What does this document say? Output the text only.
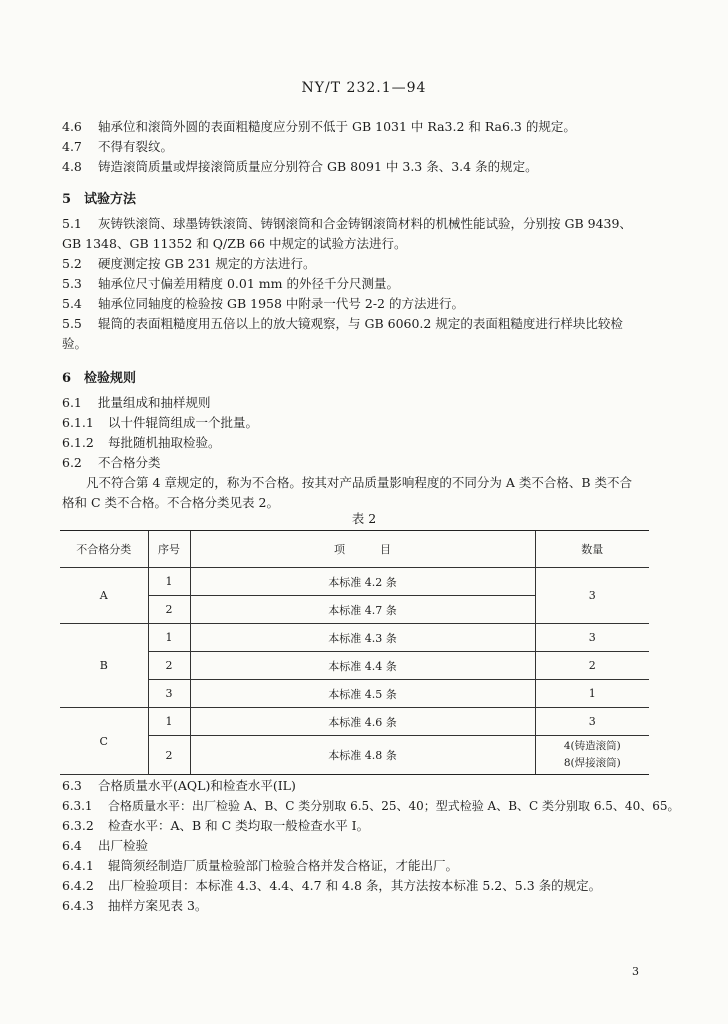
NY/T 232.1—94
4.6 轴承位和滚筒外圆的表面粗糙度应分别不低于 GB 1031 中 Ra3.2 和 Ra6.3 的规定。
4.7 不得有裂纹。
4.8 铸造滚筒质量或焊接滚筒质量应分别符合 GB 8091 中 3.3 条、3.4 条的规定。
5 试验方法
5.1 灰铸铁滚筒、球墨铸铁滚筒、铸钢滚筒和合金铸钢滚筒材料的机械性能试验，分别按 GB 9439、
GB 1348、GB 11352 和 Q/ZB 66 中规定的试验方法进行。
5.2 硬度测定按 GB 231 规定的方法进行。
5.3 轴承位尺寸偏差用精度 0.01 mm 的外径千分尺测量。
5.4 轴承位同轴度的检验按 GB 1958 中附录一代号 2-2 的方法进行。
5.5 辊筒的表面粗糙度用五倍以上的放大镜观察，与 GB 6060.2 规定的表面粗糙度进行样块比较检
验。
6 检验规则
6.1 批量组成和抽样规则
6.1.1 以十件辊筒组成一个批量。
6.1.2 每批随机抽取检验。
6.2 不合格分类
凡不符合第 4 章规定的，称为不合格。按其对产品质量影响程度的不同分为 A 类不合格、B 类不合
格和 C 类不合格。不合格分类见表 2。
表 2
不合格分类	序号	项          目	数量
A	1	本标准 4.2 条	3
	2	本标准 4.7 条	
B	1	本标准 4.3 条	3
	2	本标准 4.4 条	2
	3	本标准 4.5 条	1
C	1	本标准 4.6 条	3
	2	本标准 4.8 条	4(铸造滚筒)
8(焊接滚筒)
6.3 合格质量水平(AQL)和检查水平(IL)
6.3.1 合格质量水平：出厂检验 A、B、C 类分别取 6.5、25、40；型式检验 A、B、C 类分别取 6.5、40、65。
6.3.2 检查水平：A、B 和 C 类均取一般检查水平 I。
6.4 出厂检验
6.4.1 辊筒须经制造厂质量检验部门检验合格并发合格证，才能出厂。
6.4.2 出厂检验项目：本标准 4.3、4.4、4.7 和 4.8 条，其方法按本标准 5.2、5.3 条的规定。
6.4.3 抽样方案见表 3。
3
